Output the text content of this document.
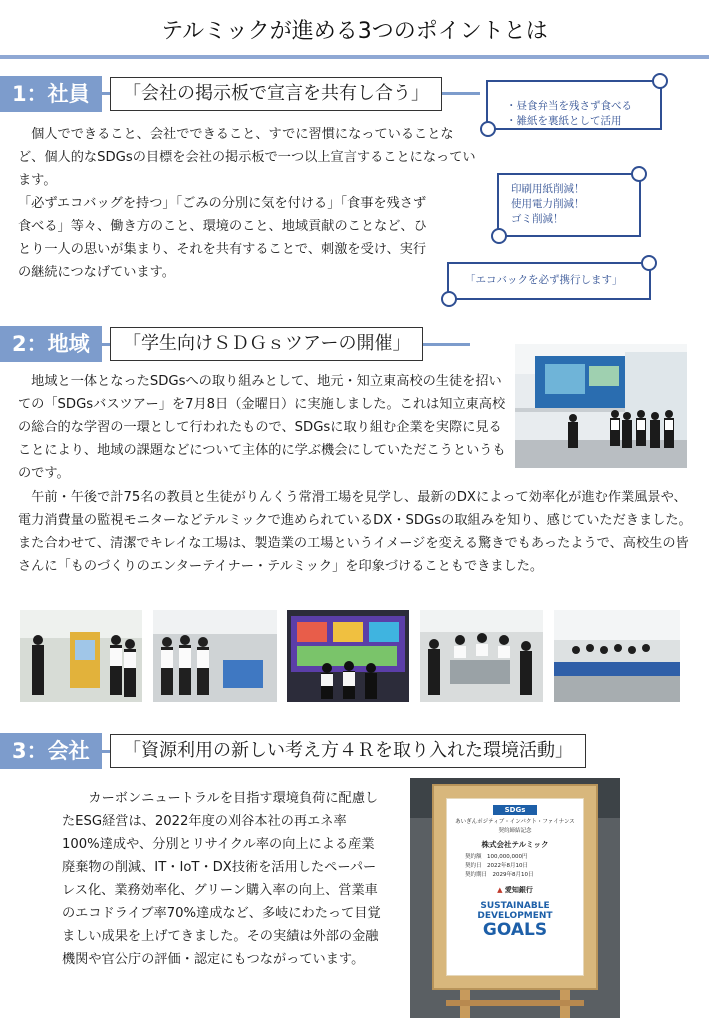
テルミックが進める3つのポイントとは
1：社員	「会社の掲示板で宣言を共有し合う」

　個人でできること、会社でできること、すでに習慣になっていることなど、個人的なSDGsの目標を会社の掲示板で一つ以上宣言することになっています。

「必ずエコバッグを持つ」「ごみの分別に気を付ける」「食事を残さず食べる」等々、働き方のこと、環境のこと、地域貢献のことなど、ひとり一人の思いが集まり、それを共有することで、刺激を受け、実行の継続につなげています。

・昼食弁当を残さず食べる
・雑紙を裏紙として活用
印刷用紙削減！
使用電力削減！
ゴミ削減！
「エコバックを必ず携行します」
2：地域	「学生向けＳＤＧｓツアーの開催」
　地域と一体となったSDGsへの取り組みとして、地元・知立東高校の生徒を招いての「SDGsバスツアー」を7月8日（金曜日）に実施しました。これは知立東高校の総合的な学習の一環として行われたもので、SDGsに取り組む企業を実際に見ることにより、地域の課題などについて主体的に学ぶ機会にしていただこうというものです。
　午前・午後で計75名の教員と生徒がりんくう常滑工場を見学し、最新のDXによって効率化が進む作業風景や、電力消費量の監視モニターなどテルミックで進められているDX・SDGsの取組みを知り、感じていただきました。また合わせて、清潔でキレイな工場は、製造業の工場というイメージを変える驚きでもあったようで、高校生の皆さんに「ものづくりのエンターテイナー・テルミック」を印象づけることもできました。
3：会社	「資源利用の新しい考え方４Ｒを取り入れた環境活動」
カーボンニュートラルを目指す環境負荷に配慮したESG経営は、2022年度の刈谷本社の再エネ率100%達成や、分別とリサイクル率の向上による産業廃棄物の削減、IT・IoT・DX技術を活用したペーパーレス化、業務効率化、グリーン購入率の向上、営業車のエコドライブ率70%達成など、多岐にわたって目覚ましい成果を上げてきました。その実績は外部の金融機関や官公庁の評価・認定にもつながっています。
SDGs
あいぎんポジティブ・インパクト・ファイナンス
契約締結記念
株式会社テルミック
契約額　 100,000,000円
契約日　 2022年8月10日
契約期日　 2029年8月10日
▲ 愛知銀行
SUSTAINABLE
DEVELOPMENT
GOALS
